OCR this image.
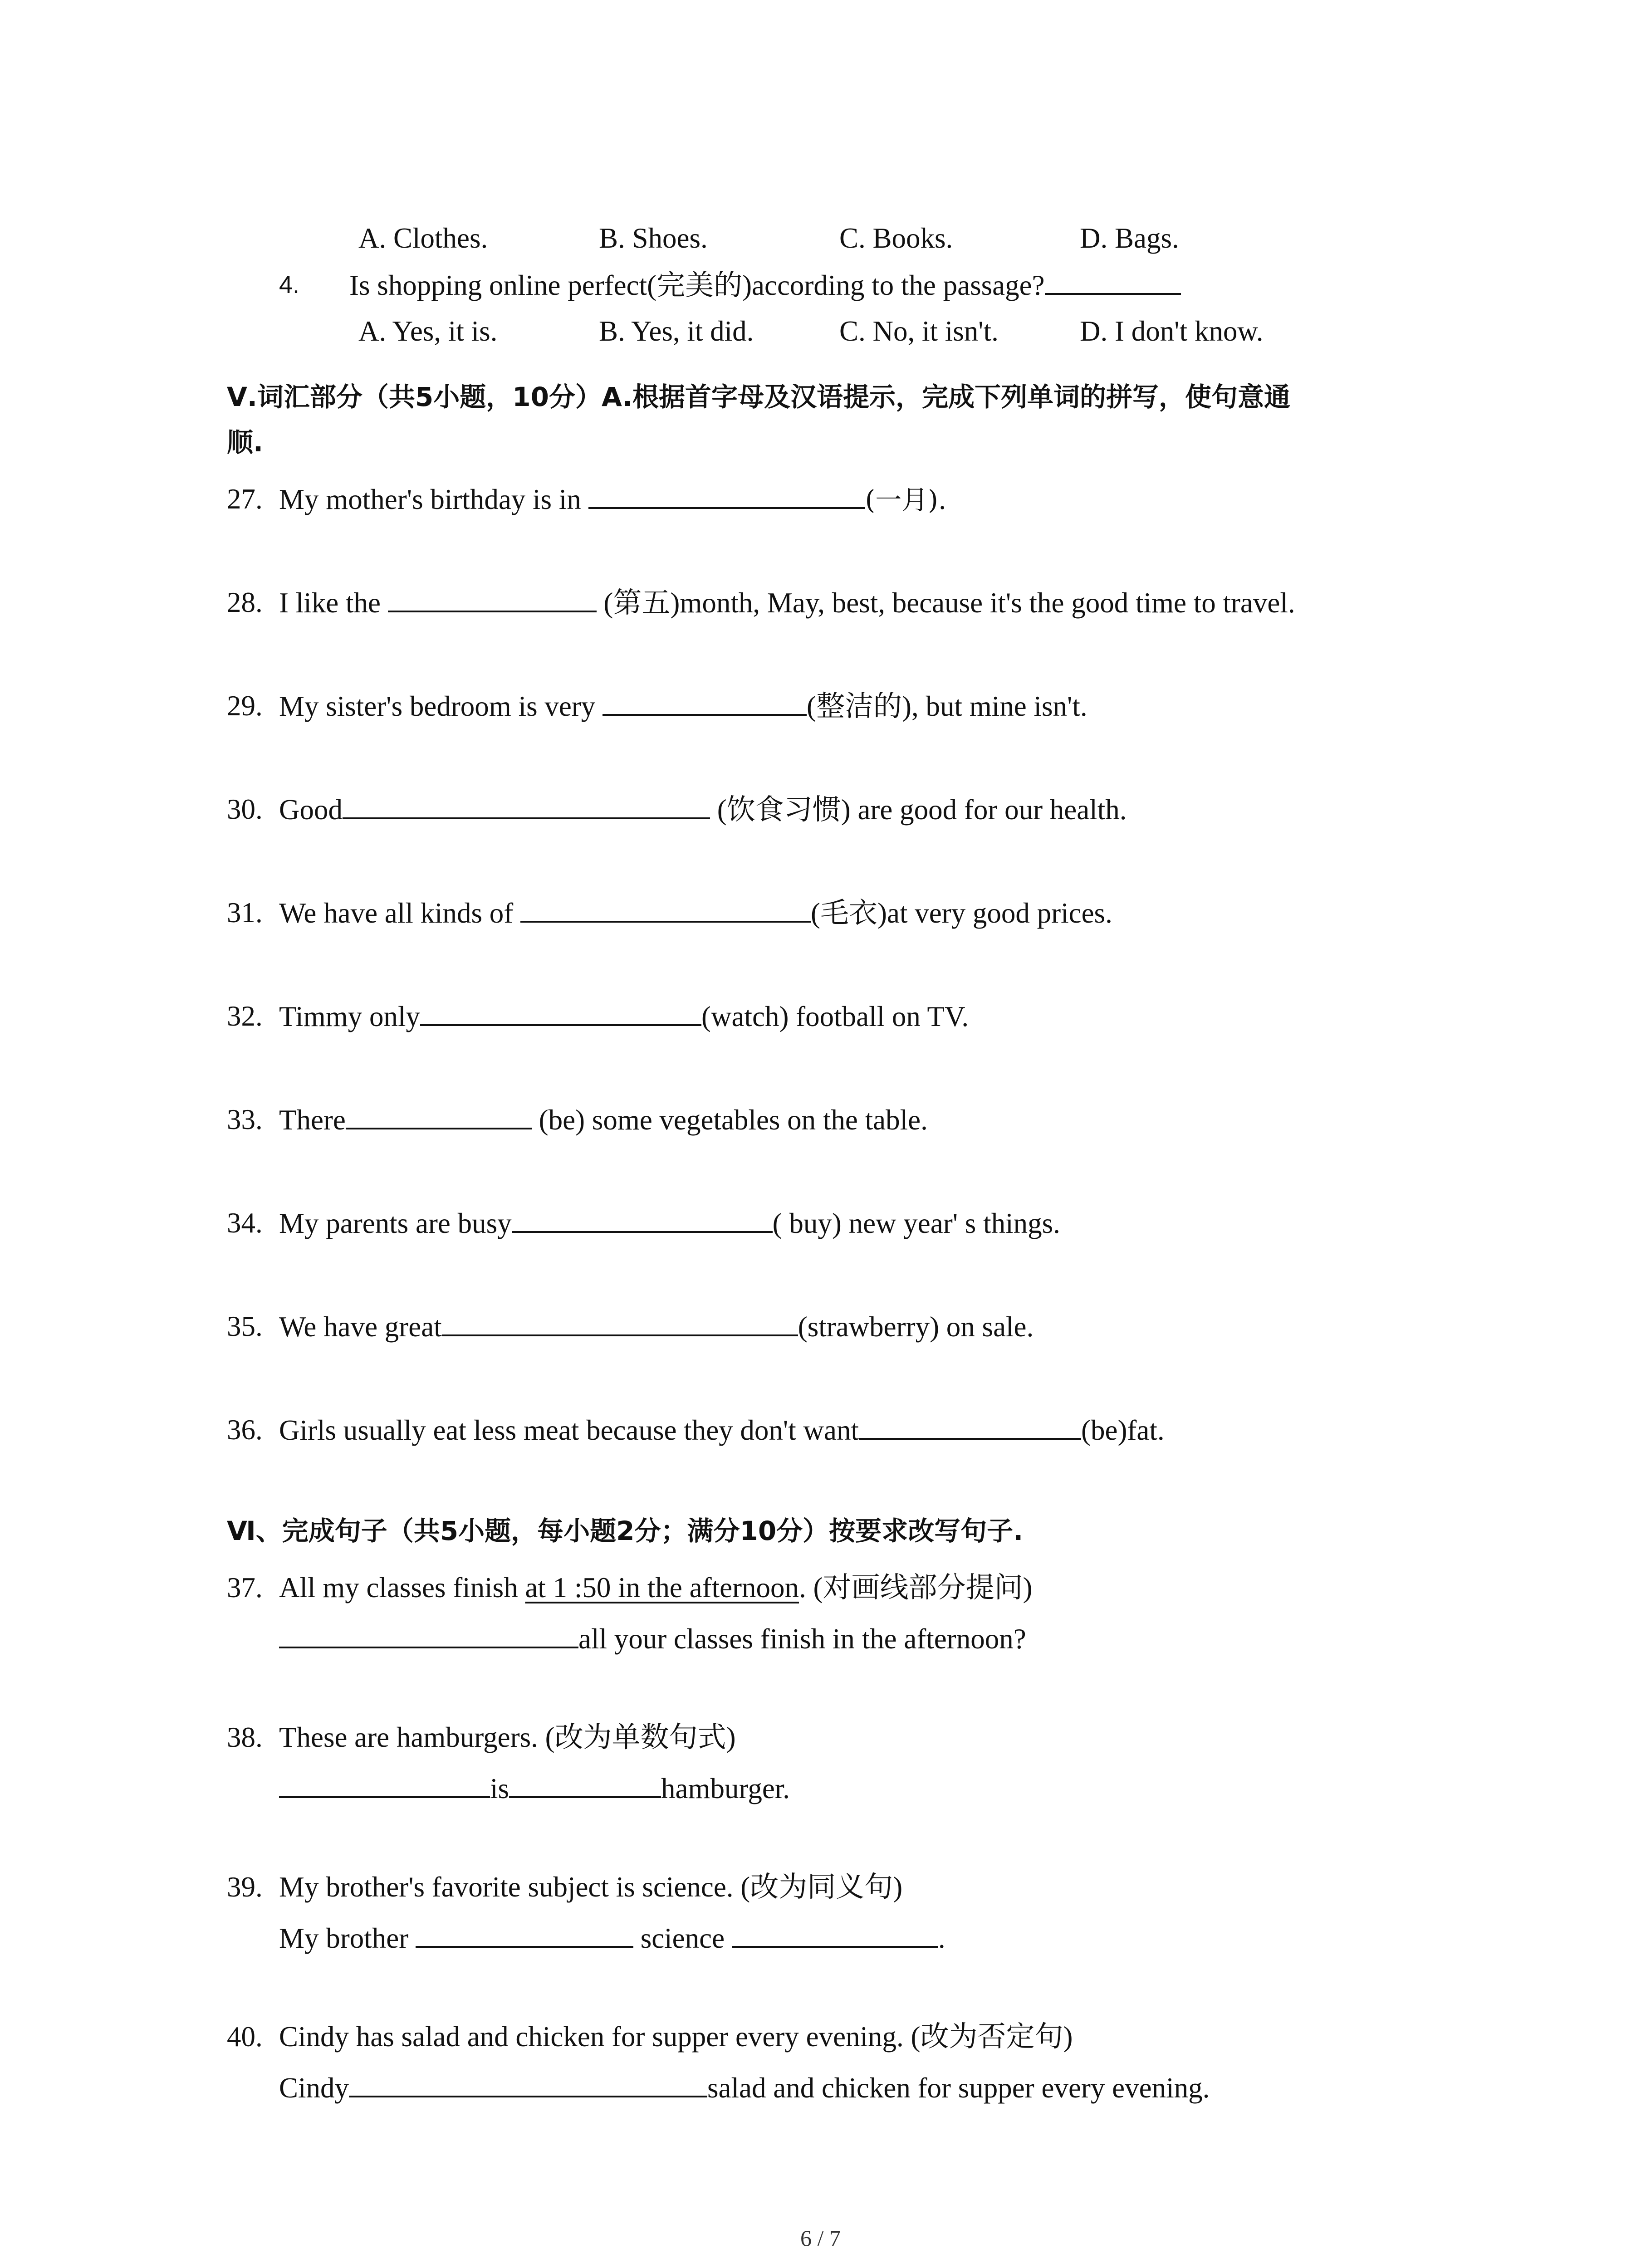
A. Clothes.	B. Shoes.	C. Books.	D. Bags.
4. Is shopping online perfect(完美的)according to the passage?
A. Yes, it is.	B. Yes, it did.	C. No, it isn't.	D. I don't know.
Ⅴ.词汇部分（共5小题，10分）A.根据首字母及汉语提示，完成下列单词的拼写，使句意通
顺.
27. My mother's birthday is in	(一月).
28. I like the	(第五)month, May, best, because it's the good time to travel.
29. My sister's bedroom is very	(整洁的), but mine isn't.
30. Good	(饮食习惯) are good for our health.
31. We have all kinds of	(毛衣)at very good prices.
32. Timmy only	(watch) football on TV.
33. There	(be) some vegetables on the table.
34. My parents are busy	( buy) new year' s things.
35. We have great	(strawberry) on sale.
36. Girls usually eat less meat because they don't want	(be)fat.
Ⅵ、完成句子（共5小题，每小题2分；满分10分）按要求改写句子.
37. All my classes finish at 1 :50 in the afternoon. (对画线部分提问)
all your classes finish in the afternoon?
38. These are hamburgers. (改为单数句式)
is	hamburger.
39. My brother's favorite subject is science. (改为同义句)
My brother	science	.
40. Cindy has salad and chicken for supper every evening. (改为否定句)
Cindy	salad and chicken for supper every evening.
6 / 7
